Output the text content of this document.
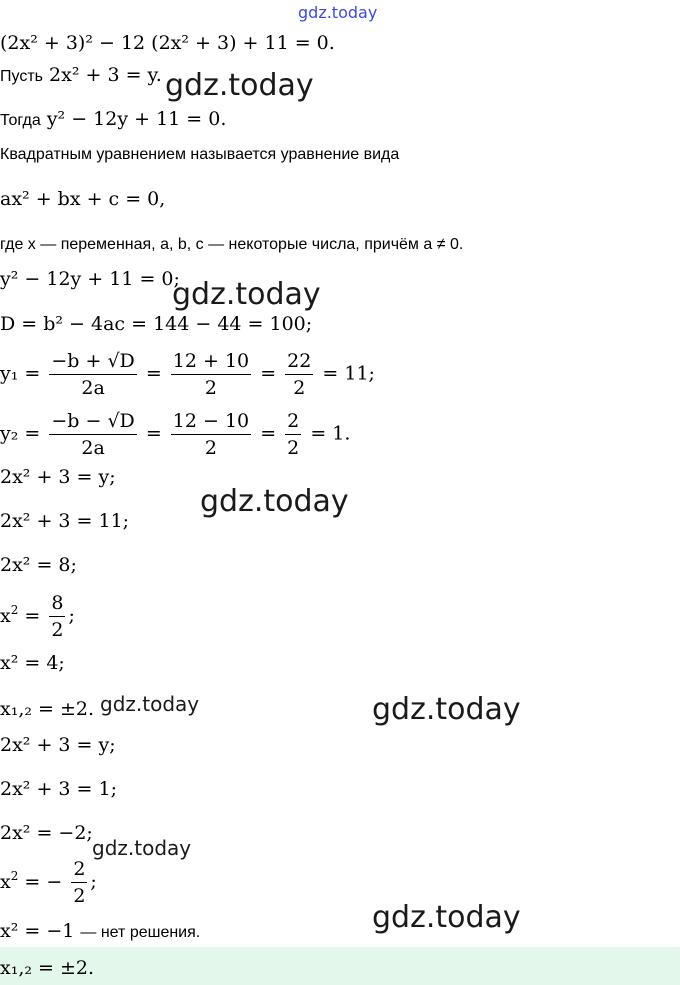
gdz.today
(2x² + 3)² − 12 (2x² + 3) + 11 = 0.
Пусть 2x² + 3 = y.
Тогда y² − 12y + 11 = 0.
Квадратным уравнением называется уравнение вида
ax² + bx + c = 0,
где x — переменная, a, b, c — некоторые числа, причём a ≠ 0.
y² − 12y + 11 = 0;
D = b² − 4ac = 144 − 44 = 100;
$y_1 = \frac{-b + √D}{2a} = \frac{12 + 10}{2} = \frac{22}{2} = 11$;
$y_2 = \frac{-b - √D}{2a} = \frac{12 - 10}{2} = \frac{2}{2} = 1$.
2x² + 3 = y;
2x² + 3 = 11;
2x² = 8;
$x^2 = \frac{8}{2}$ ;
x² = 4;
x₁,₂ = ±2.
2x² + 3 = y;
2x² + 3 = 1;
2x² = −2;
$x^2$ = − $\frac{2}{2}$ ;
x² = −1 — нет решения.
x₁,₂ = ±2.
gdz.today
gdz.today
gdz.today
gdz.today
gdz.today
gdz.today
gdz.today
